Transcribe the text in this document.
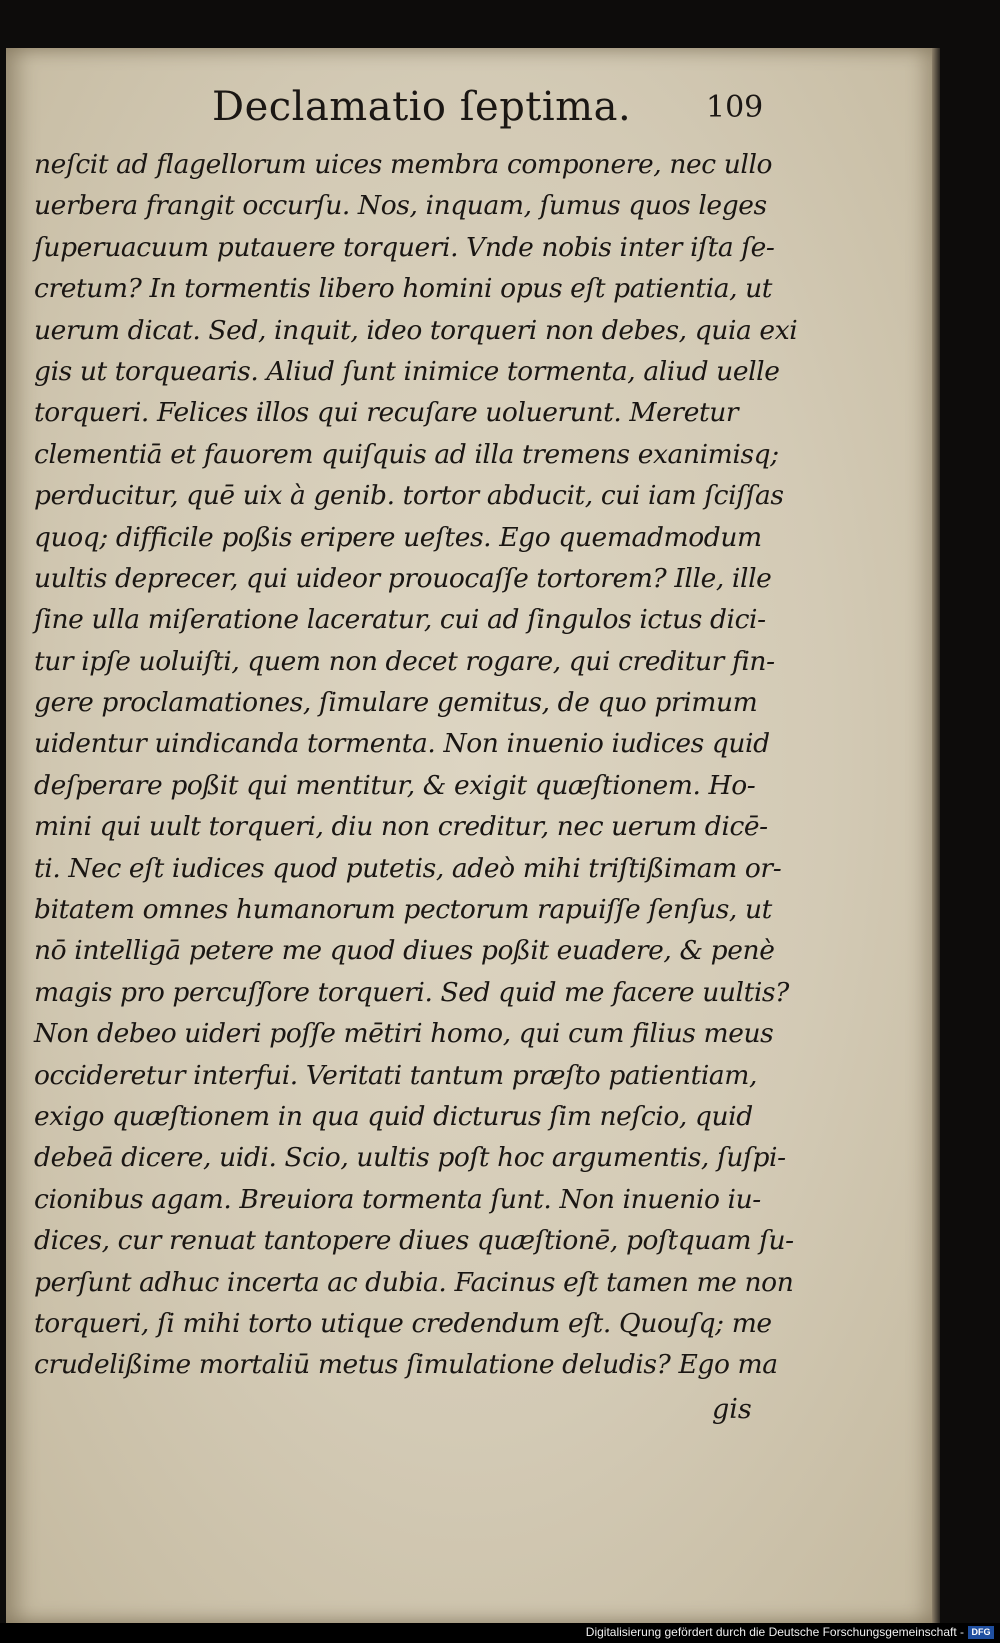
Declamatio ſeptima. 109
neſcit ad flagellorum uices membra componere, nec ullo
uerbera frangit occurſu. Nos, inquam, ſumus quos leges
ſuperuacuum putauere torqueri. Vnde nobis inter iſta ſe-
cretum? In tormentis libero homini opus eſt patientia, ut
uerum dicat. Sed, inquit, ideo torqueri non debes, quia exi
gis ut torquearis. Aliud ſunt inimice tormenta, aliud uelle
torqueri. Felices illos qui recuſare uoluerunt. Meretur
clementiā et fauorem quiſquis ad illa tremens exanimisq;
perducitur, quē uix à genib. tortor abducit, cui iam ſciſſas
quoq; difficile poßis eripere ueſtes. Ego quemadmodum
uultis deprecer, qui uideor prouocaſſe tortorem? Ille, ille
ſine ulla miſeratione laceratur, cui ad ſingulos ictus dici-
tur ipſe uoluiſti, quem non decet rogare, qui creditur fin-
gere proclamationes, ſimulare gemitus, de quo primum
uidentur uindicanda tormenta. Non inuenio iudices quid
deſperare poßit qui mentitur, & exigit quæſtionem. Ho-
mini qui uult torqueri, diu non creditur, nec uerum dicē-
ti. Nec eſt iudices quod putetis, adeò mihi triſtißimam or-
bitatem omnes humanorum pectorum rapuiſſe ſenſus, ut
nō intelligā petere me quod diues poßit euadere, & penè
magis pro percuſſore torqueri. Sed quid me facere uultis?
Non debeo uideri poſſe mētiri homo, qui cum filius meus
occideretur interfui. Veritati tantum præſto patientiam,
exigo quæſtionem in qua quid dicturus ſim neſcio, quid
debeā dicere, uidi. Scio, uultis poſt hoc argumentis, ſuſpi-
cionibus agam. Breuiora tormenta ſunt. Non inuenio iu-
dices, cur renuat tantopere diues quæſtionē, poſtquam ſu-
perſunt adhuc incerta ac dubia. Facinus eſt tamen me non
torqueri, ſi mihi torto utique credendum eſt. Quouſq; me
crudelißime mortaliū metus ſimulatione deludis? Ego ma
gis
Digitalisierung gefördert durch die Deutsche Forschungsgemeinschaft - DFG
